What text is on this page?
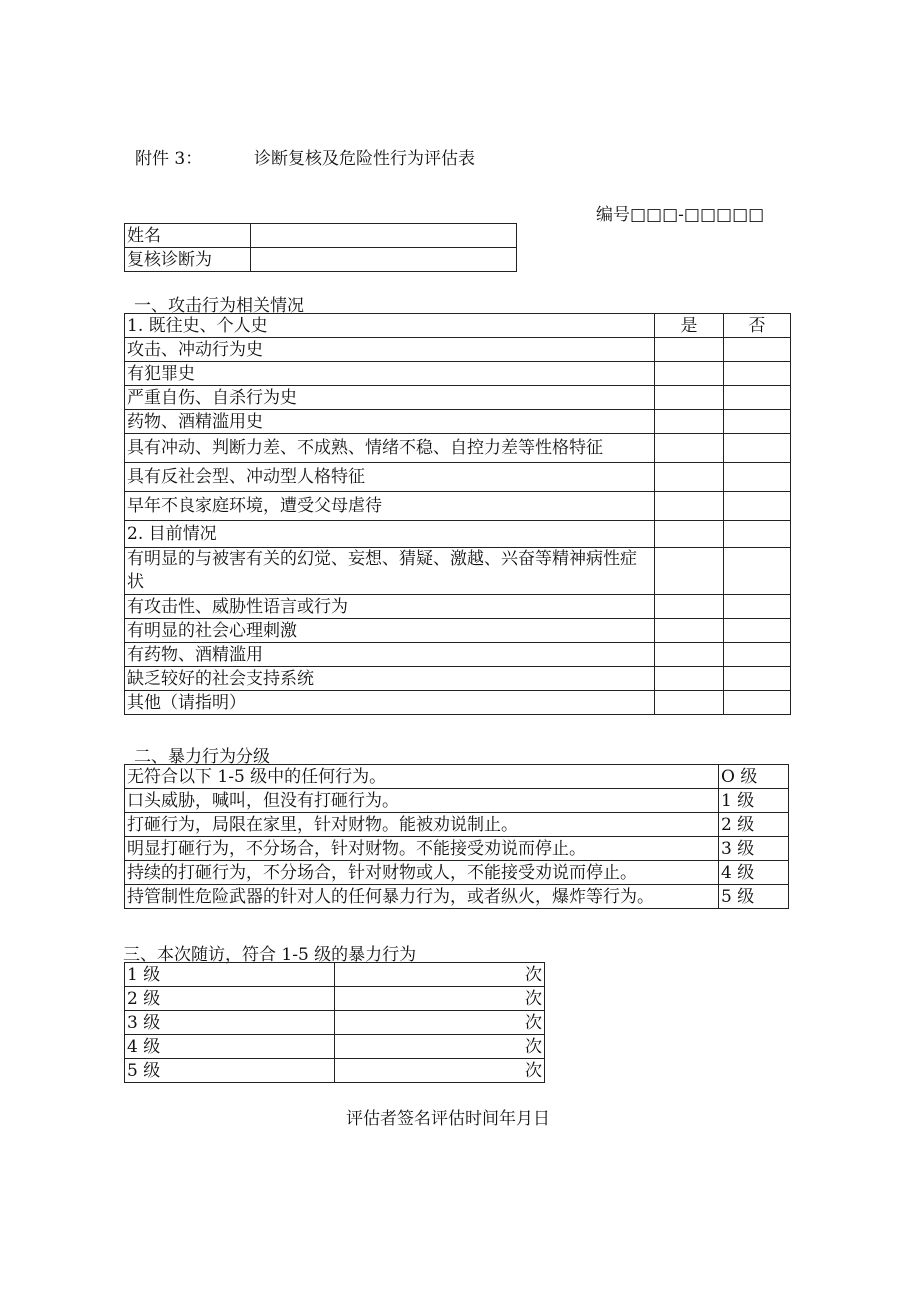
附件 3：	诊断复核及危险性行为评估表
编号□□□-□□□□□
姓名	
复核诊断为	
一、攻击行为相关情况
1. 既往史、个人史	是	否
攻击、冲动行为史		
有犯罪史		
严重自伤、自杀行为史		
药物、酒精滥用史		
具有冲动、判断力差、不成熟、情绪不稳、自控力差等性格特征		
具有反社会型、冲动型人格特征		
早年不良家庭环境，遭受父母虐待		
2. 目前情况		
有明显的与被害有关的幻觉、妄想、猜疑、激越、兴奋等精神病性症状		
有攻击性、威胁性语言或行为		
有明显的社会心理刺激		
有药物、酒精滥用		
缺乏较好的社会支持系统		
其他（请指明）		
二、暴力行为分级
无符合以下 1-5 级中的任何行为。	O 级
口头威胁，喊叫，但没有打砸行为。	1 级
打砸行为，局限在家里，针对财物。能被劝说制止。	2 级
明显打砸行为，不分场合，针对财物。不能接受劝说而停止。	3 级
持续的打砸行为，不分场合，针对财物或人，不能接受劝说而停止。	4 级
持管制性危险武器的针对人的任何暴力行为，或者纵火，爆炸等行为。	5 级
三、本次随访，符合 1-5 级的暴力行为
1 级	次
2 级	次
3 级	次
4 级	次
5 级	次
评估者签名评估时间年月日
